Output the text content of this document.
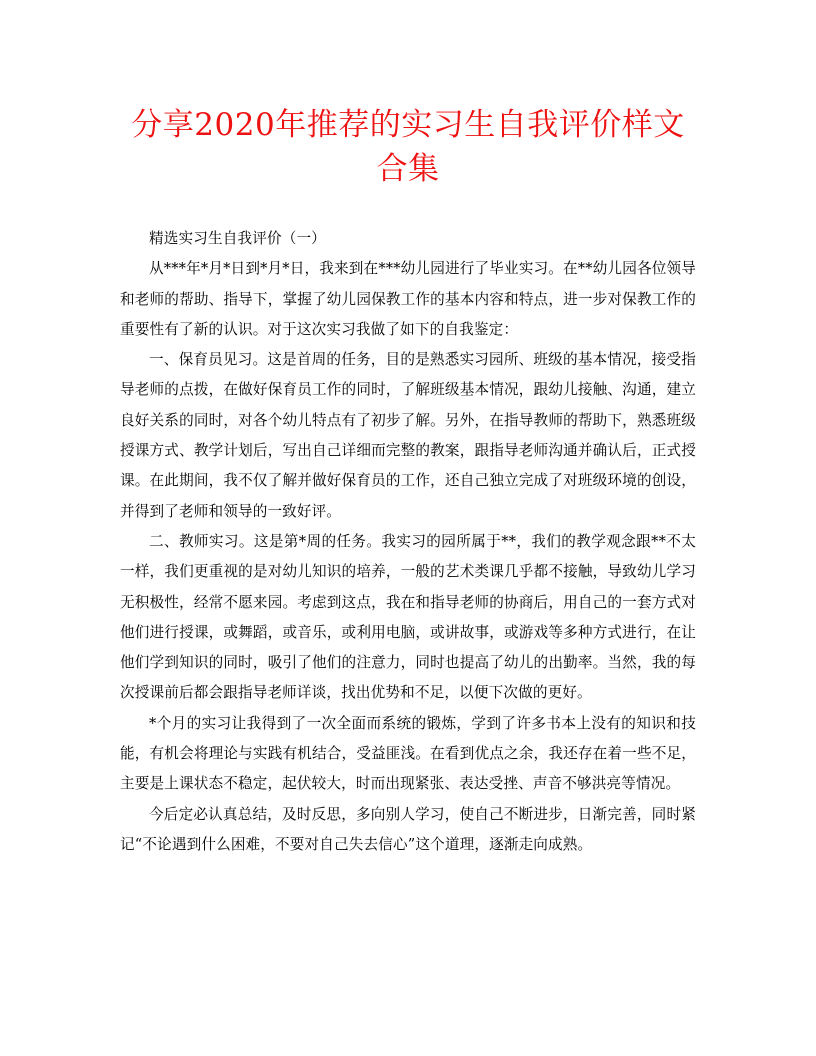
分享2020年推荐的实习生自我评价样文
合集

精选实习生自我评价（一）

从***年*月*日到*月*日，我来到在***幼儿园进行了毕业实习。在**幼儿园各位领导和老师的帮助、指导下，掌握了幼儿园保教工作的基本内容和特点，进一步对保教工作的重要性有了新的认识。对于这次实习我做了如下的自我鉴定：

一、保育员见习。这是首周的任务，目的是熟悉实习园所、班级的基本情况，接受指导老师的点拨，在做好保育员工作的同时，了解班级基本情况，跟幼儿接触、沟通，建立良好关系的同时，对各个幼儿特点有了初步了解。另外，在指导教师的帮助下，熟悉班级授课方式、教学计划后，写出自己详细而完整的教案，跟指导老师沟通并确认后，正式授课。在此期间，我不仅了解并做好保育员的工作，还自己独立完成了对班级环境的创设，并得到了老师和领导的一致好评。

二、教师实习。这是第*周的任务。我实习的园所属于**，我们的教学观念跟**不太一样，我们更重视的是对幼儿知识的培养，一般的艺术类课几乎都不接触，导致幼儿学习无积极性，经常不愿来园。考虑到这点，我在和指导老师的协商后，用自己的一套方式对他们进行授课，或舞蹈，或音乐，或利用电脑，或讲故事，或游戏等多种方式进行，在让他们学到知识的同时，吸引了他们的注意力，同时也提高了幼儿的出勤率。当然，我的每次授课前后都会跟指导老师详谈，找出优势和不足，以便下次做的更好。

*个月的实习让我得到了一次全面而系统的锻炼，学到了许多书本上没有的知识和技能，有机会将理论与实践有机结合，受益匪浅。在看到优点之余，我还存在着一些不足，主要是上课状态不稳定，起伏较大，时而出现紧张、表达受挫、声音不够洪亮等情况。

今后定必认真总结，及时反思，多向别人学习，使自己不断进步，日渐完善，同时紧记“不论遇到什么困难，不要对自己失去信心”这个道理，逐渐走向成熟。
